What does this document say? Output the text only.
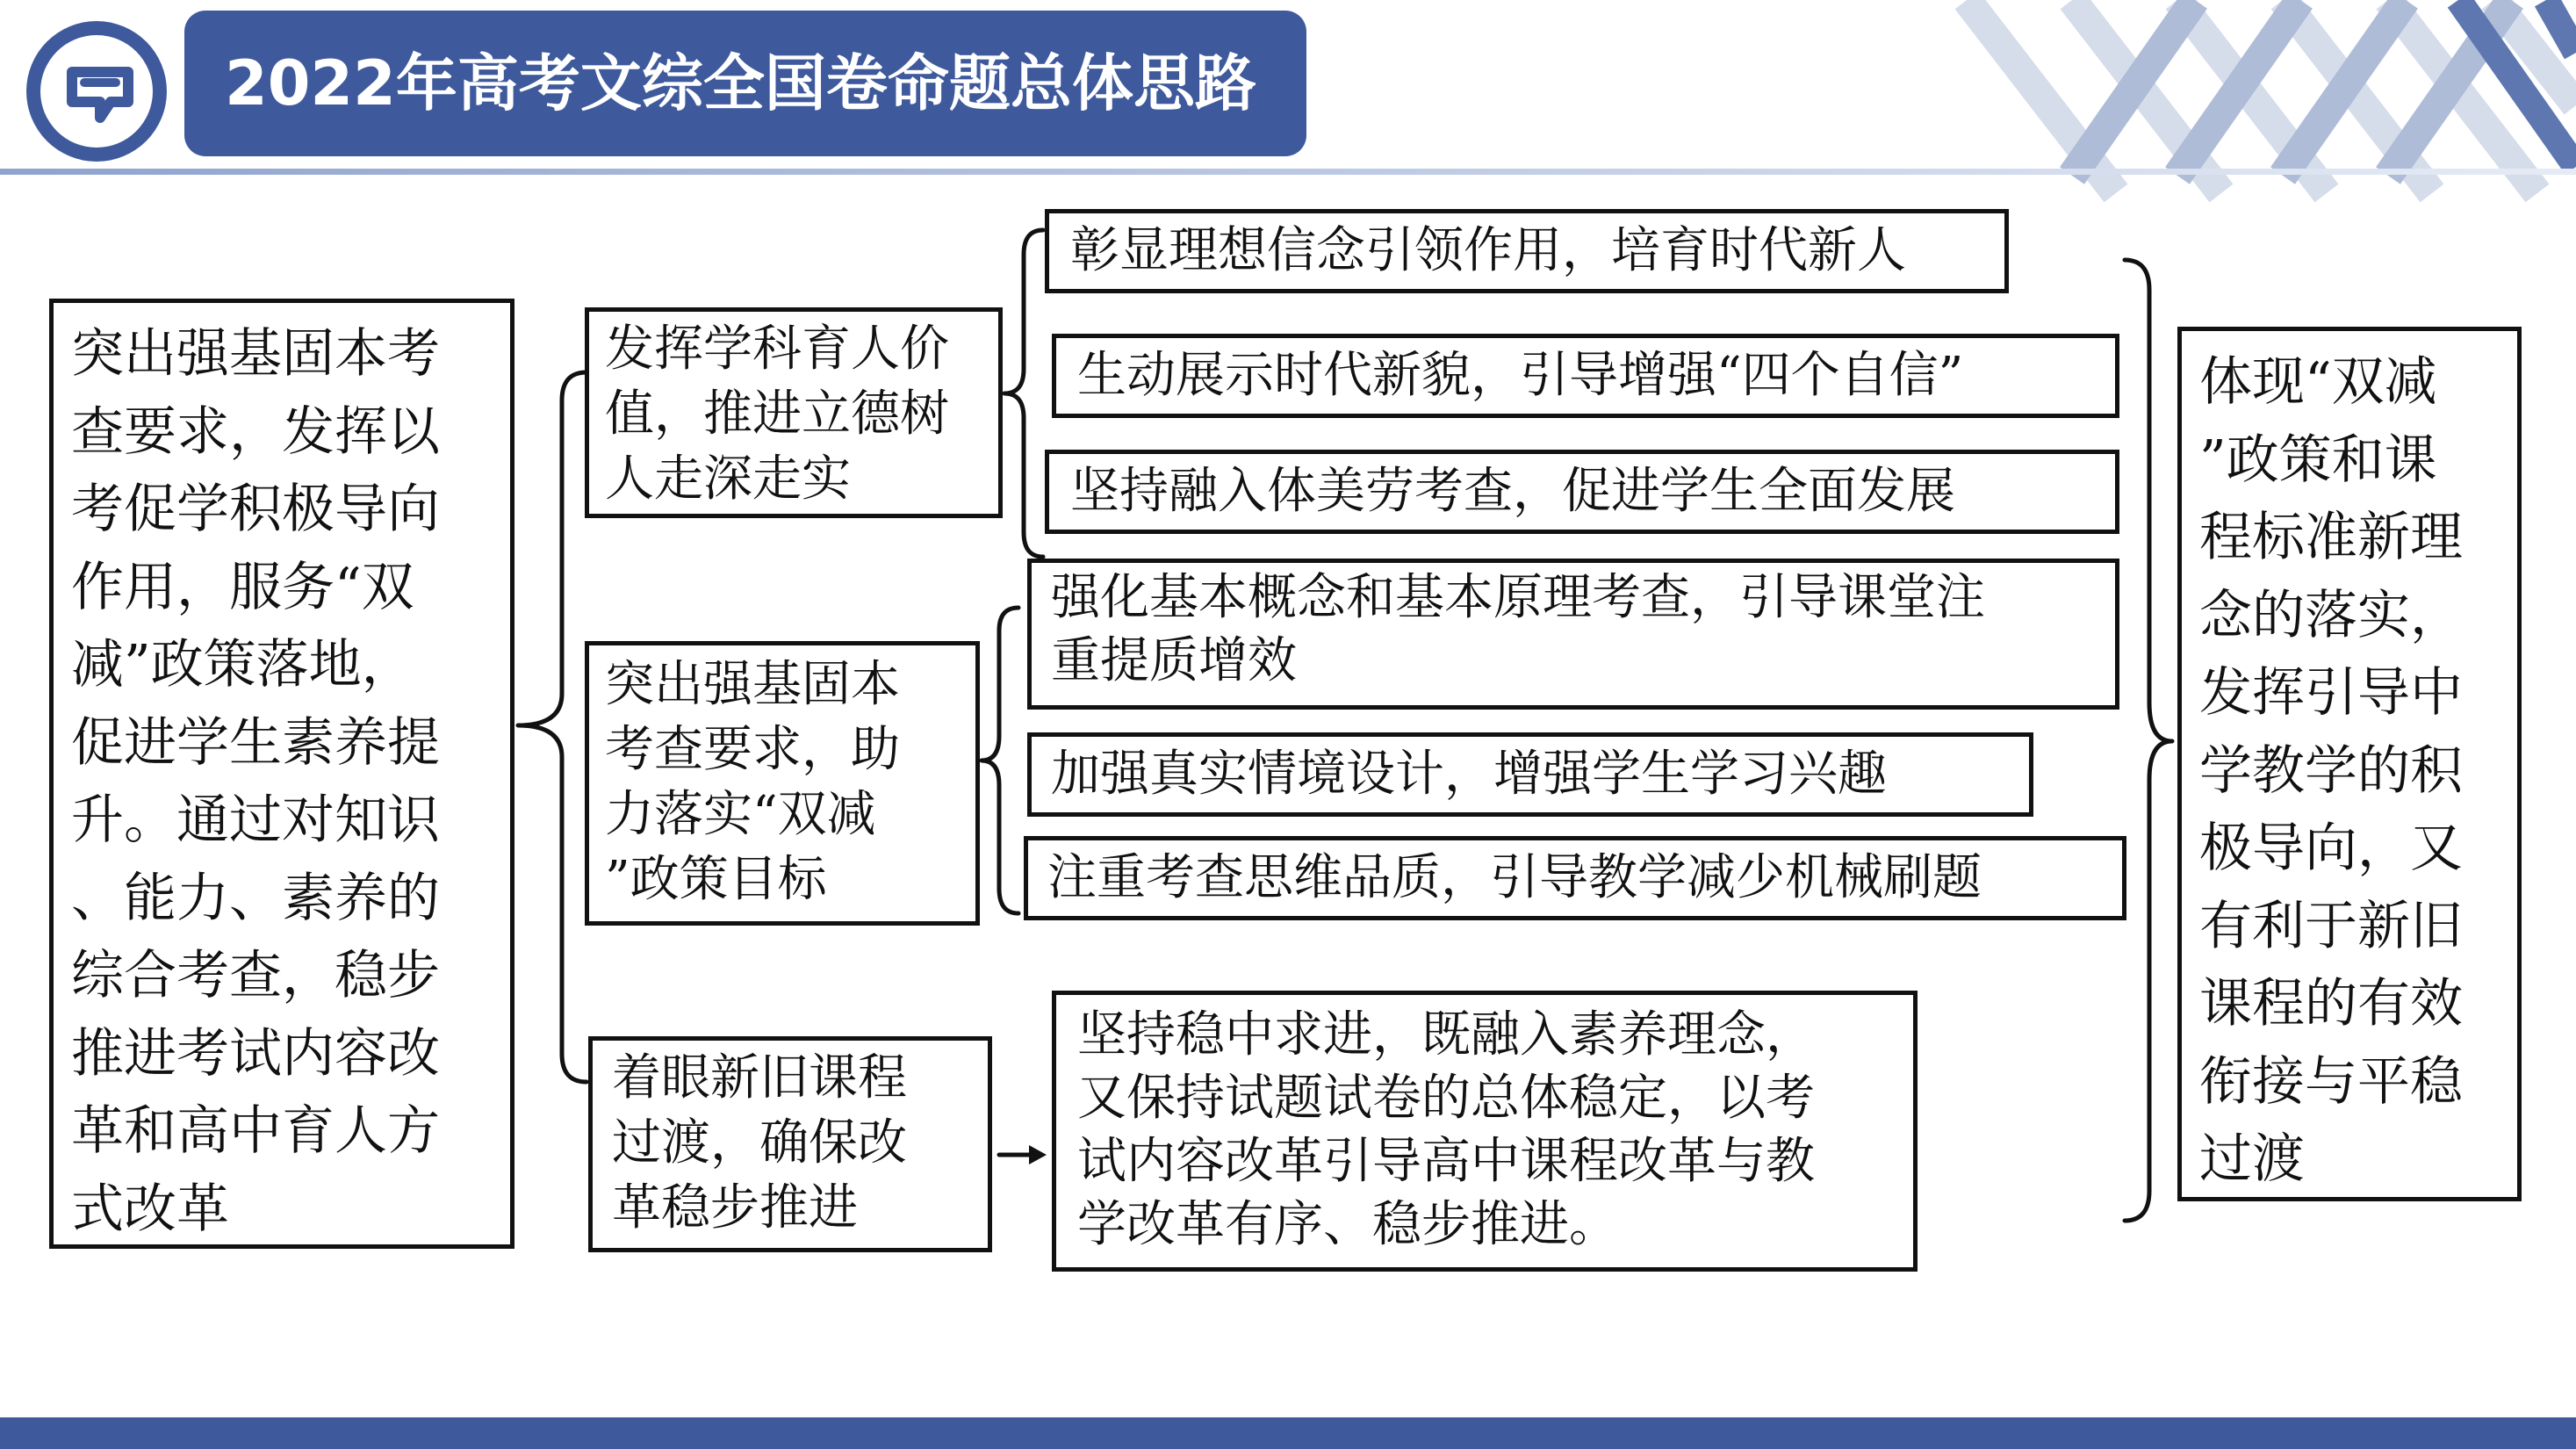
2022年高考文综全国卷命题总体思路
突出强基固本考
查要求，发挥以
考促学积极导向
作用，服务“双
减”政策落地，
促进学生素养提
升。通过对知识
、能力、素养的
综合考查，稳步
推进考试内容改
革和高中育人方
式改革
发挥学科育人价
值，推进立德树
人走深走实
突出强基固本
考查要求，助
力落实“双减
”政策目标
着眼新旧课程
过渡，确保改
革稳步推进
彰显理想信念引领作用，培育时代新人
生动展示时代新貌，引导增强“四个自信”
坚持融入体美劳考查，促进学生全面发展
强化基本概念和基本原理考查，引导课堂注
重提质增效
加强真实情境设计，增强学生学习兴趣
注重考查思维品质，引导教学减少机械刷题
坚持稳中求进，既融入素养理念，
又保持试题试卷的总体稳定，以考
试内容改革引导高中课程改革与教
学改革有序、稳步推进。
体现“双减
”政策和课
程标准新理
念的落实，
发挥引导中
学教学的积
极导向，又
有利于新旧
课程的有效
衔接与平稳
过渡
